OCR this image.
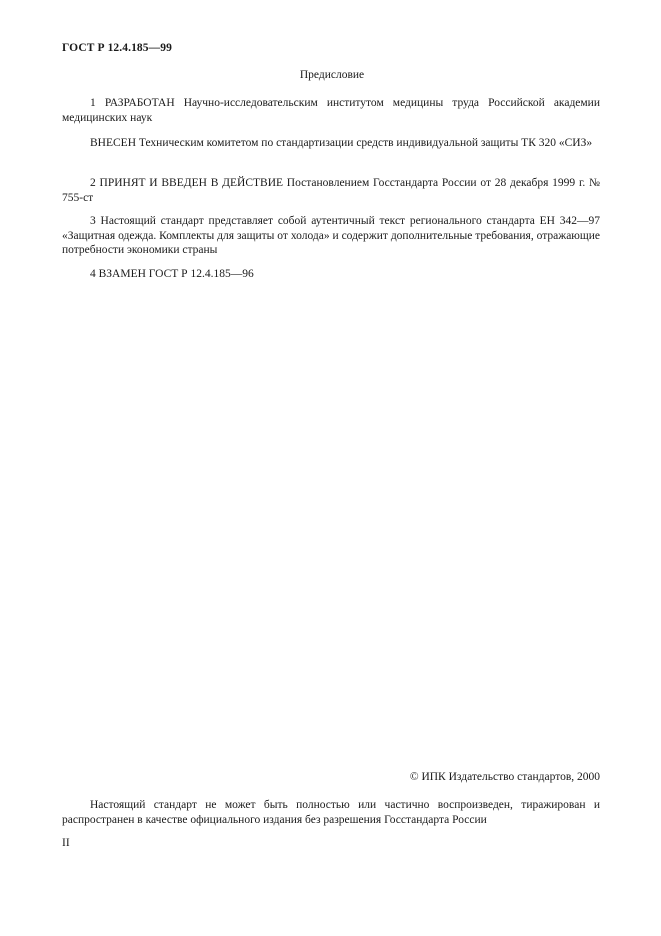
ГОСТ Р 12.4.185—99
Предисловие

1 РАЗРАБОТАН Научно-исследовательским институтом медицины труда Российской академии медицинских наук

ВНЕСЕН Техническим комитетом по стандартизации средств индивидуальной защиты ТК 320 «СИЗ»

2 ПРИНЯТ И ВВЕДЕН В ДЕЙСТВИЕ Постановлением Госстандарта России от 28 декабря 1999 г. № 755-ст

3 Настоящий стандарт представляет собой аутентичный текст регионального стандарта ЕН 342—97 «Защитная одежда. Комплекты для защиты от холода» и содержит дополнительные требования, отражающие потребности экономики страны

4 ВЗАМЕН ГОСТ Р 12.4.185—96

© ИПК Издательство стандартов, 2000

Настоящий стандарт не может быть полностью или частично воспроизведен, тиражирован и распространен в качестве официального издания без разрешения Госстандарта России

II
